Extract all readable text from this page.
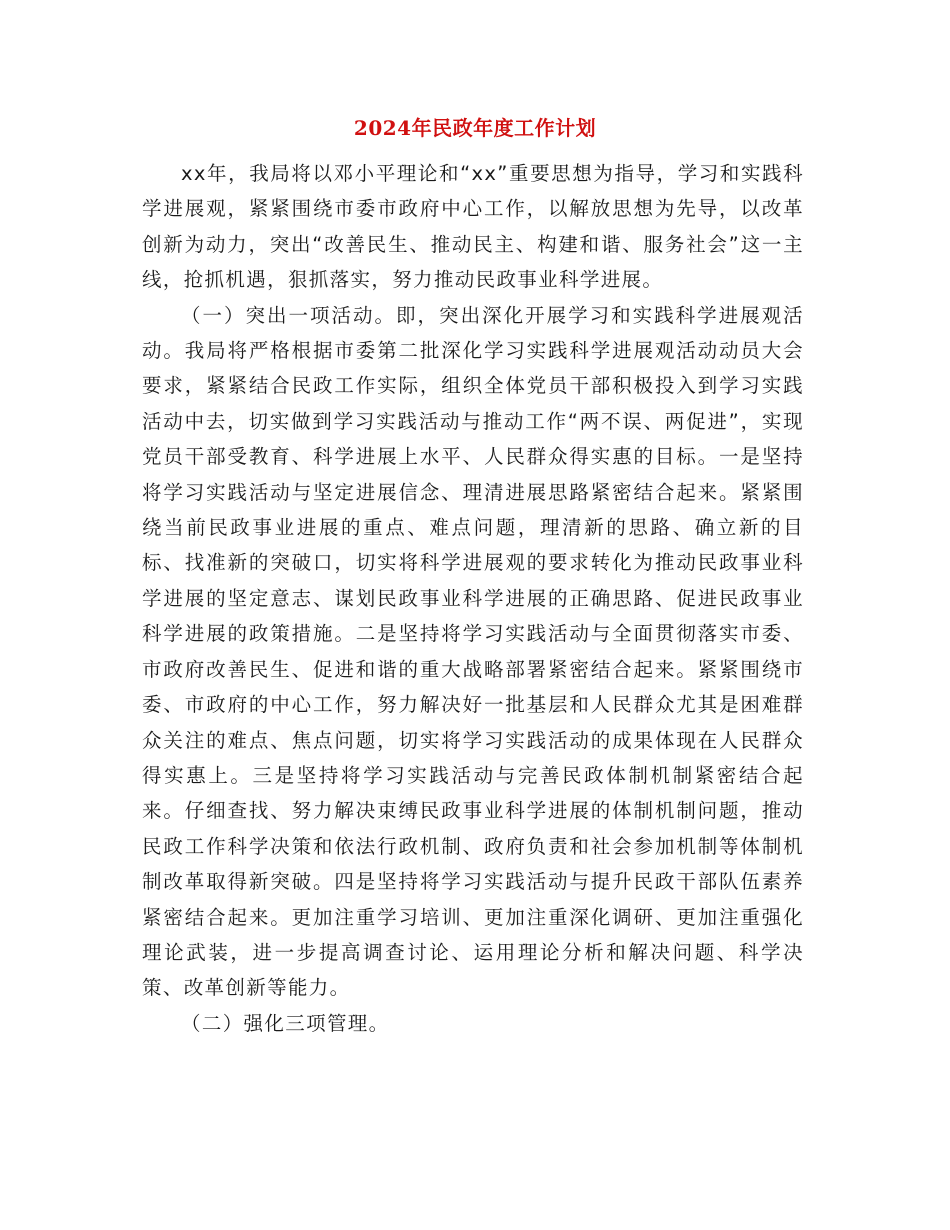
2024年民政年度工作计划

xx年，我局将以邓小平理论和“xx”重要思想为指导，学习和实践科学进展观，紧紧围绕市委市政府中心工作，以解放思想为先导，以改革创新为动力，突出“改善民生、推动民主、构建和谐、服务社会”这一主线，抢抓机遇，狠抓落实，努力推动民政事业科学进展。

（一）突出一项活动。即，突出深化开展学习和实践科学进展观活动。我局将严格根据市委第二批深化学习实践科学进展观活动动员大会要求，紧紧结合民政工作实际，组织全体党员干部积极投入到学习实践活动中去，切实做到学习实践活动与推动工作“两不误、两促进”，实现党员干部受教育、科学进展上水平、人民群众得实惠的目标。一是坚持将学习实践活动与坚定进展信念、理清进展思路紧密结合起来。紧紧围绕当前民政事业进展的重点、难点问题，理清新的思路、确立新的目标、找准新的突破口，切实将科学进展观的要求转化为推动民政事业科学进展的坚定意志、谋划民政事业科学进展的正确思路、促进民政事业科学进展的政策措施。二是坚持将学习实践活动与全面贯彻落实市委、市政府改善民生、促进和谐的重大战略部署紧密结合起来。紧紧围绕市委、市政府的中心工作，努力解决好一批基层和人民群众尤其是困难群众关注的难点、焦点问题，切实将学习实践活动的成果体现在人民群众得实惠上。三是坚持将学习实践活动与完善民政体制机制紧密结合起来。仔细查找、努力解决束缚民政事业科学进展的体制机制问题，推动民政工作科学决策和依法行政机制、政府负责和社会参加机制等体制机制改革取得新突破。四是坚持将学习实践活动与提升民政干部队伍素养紧密结合起来。更加注重学习培训、更加注重深化调研、更加注重强化理论武装，进一步提高调查讨论、运用理论分析和解决问题、科学决策、改革创新等能力。

（二）强化三项管理。
